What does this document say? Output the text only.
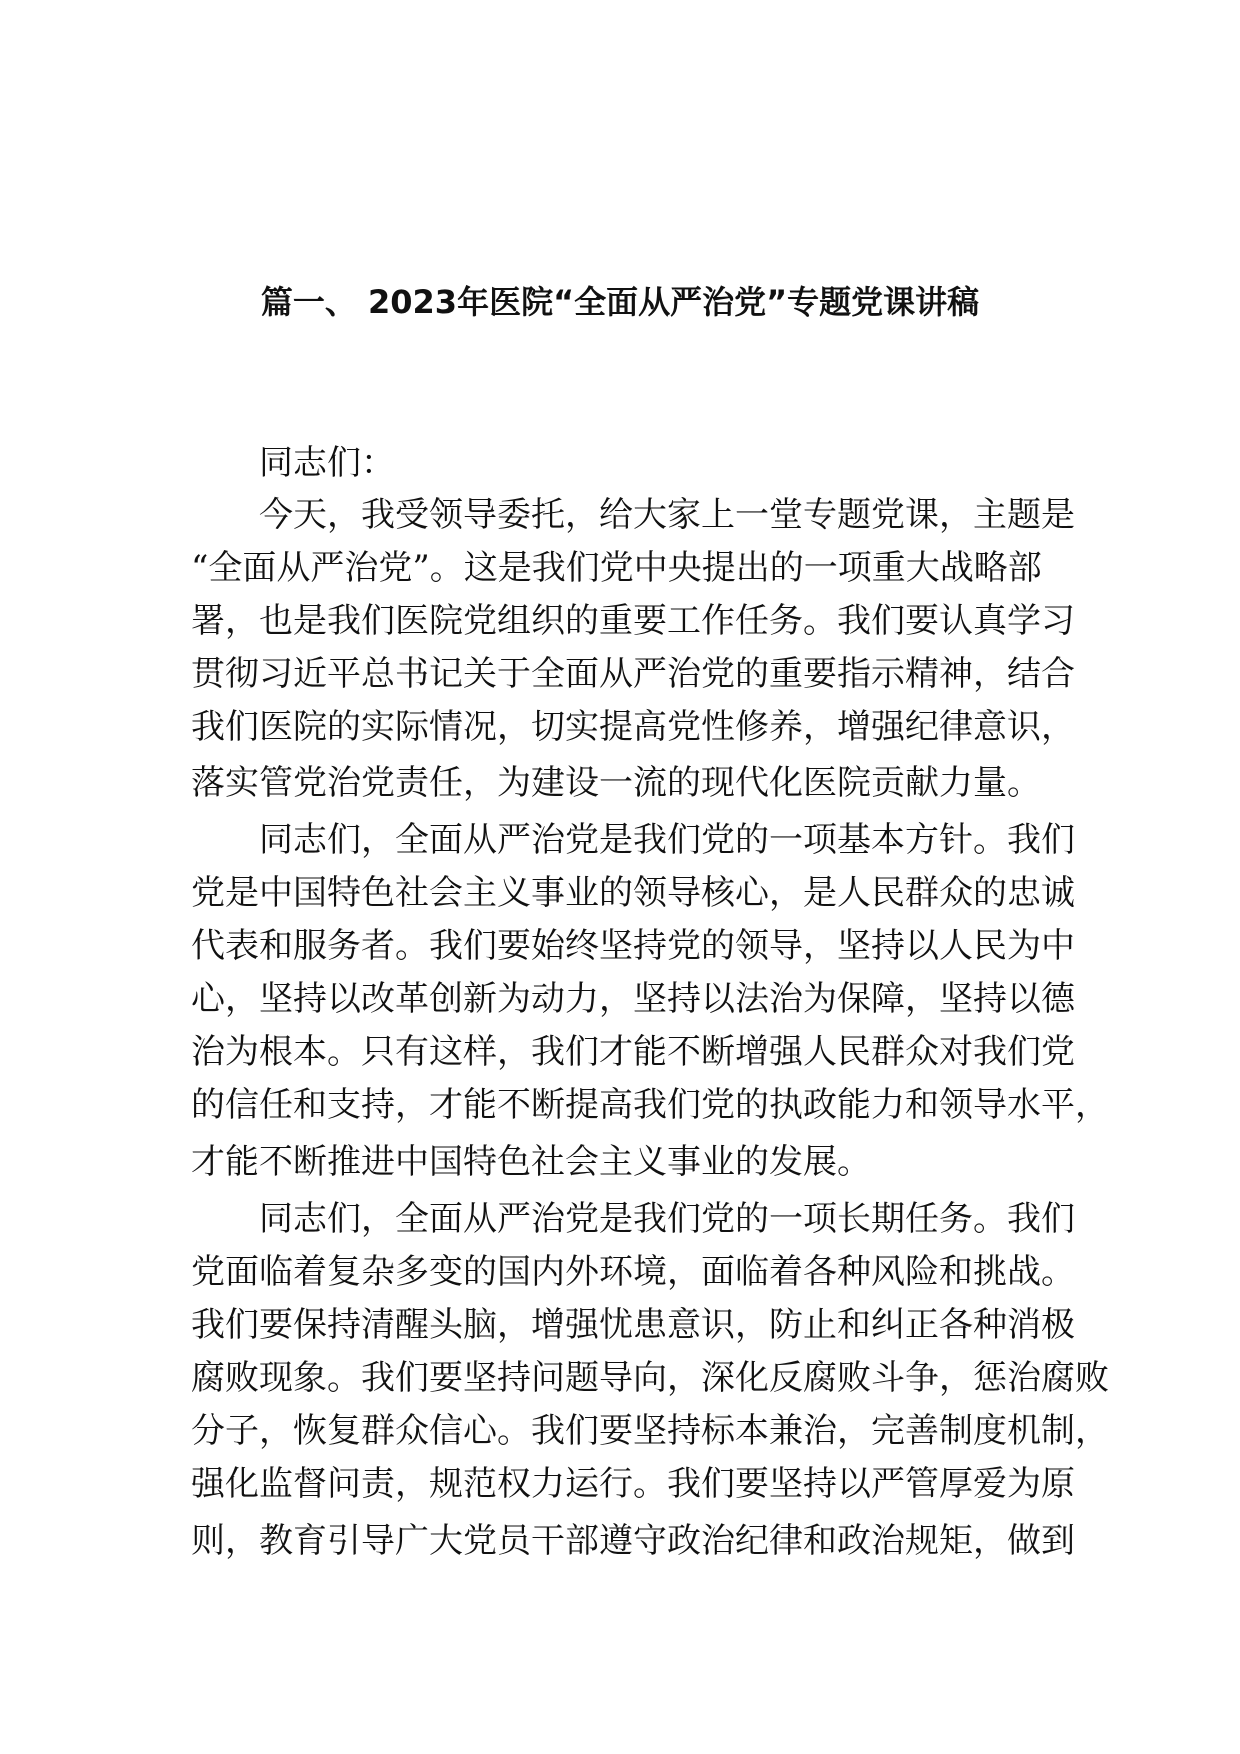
篇一、 2023年医院“全面从严治党”专题党课讲稿

同志们：

今天，我受领导委托，给大家上一堂专题党课，主题是

“全面从严治党”。这是我们党中央提出的一项重大战略部

署，也是我们医院党组织的重要工作任务。我们要认真学习

贯彻习近平总书记关于全面从严治党的重要指示精神，结合

我们医院的实际情况，切实提高党性修养，增强纪律意识，

落实管党治党责任，为建设一流的现代化医院贡献力量。

同志们，全面从严治党是我们党的一项基本方针。我们

党是中国特色社会主义事业的领导核心，是人民群众的忠诚

代表和服务者。我们要始终坚持党的领导，坚持以人民为中

心，坚持以改革创新为动力，坚持以法治为保障，坚持以德

治为根本。只有这样，我们才能不断增强人民群众对我们党

的信任和支持，才能不断提高我们党的执政能力和领导水平，

才能不断推进中国特色社会主义事业的发展。

同志们，全面从严治党是我们党的一项长期任务。我们

党面临着复杂多变的国内外环境，面临着各种风险和挑战。

我们要保持清醒头脑，增强忧患意识，防止和纠正各种消极

腐败现象。我们要坚持问题导向，深化反腐败斗争，惩治腐败

分子，恢复群众信心。我们要坚持标本兼治，完善制度机制，

强化监督问责，规范权力运行。我们要坚持以严管厚爱为原

则，教育引导广大党员干部遵守政治纪律和政治规矩，做到
